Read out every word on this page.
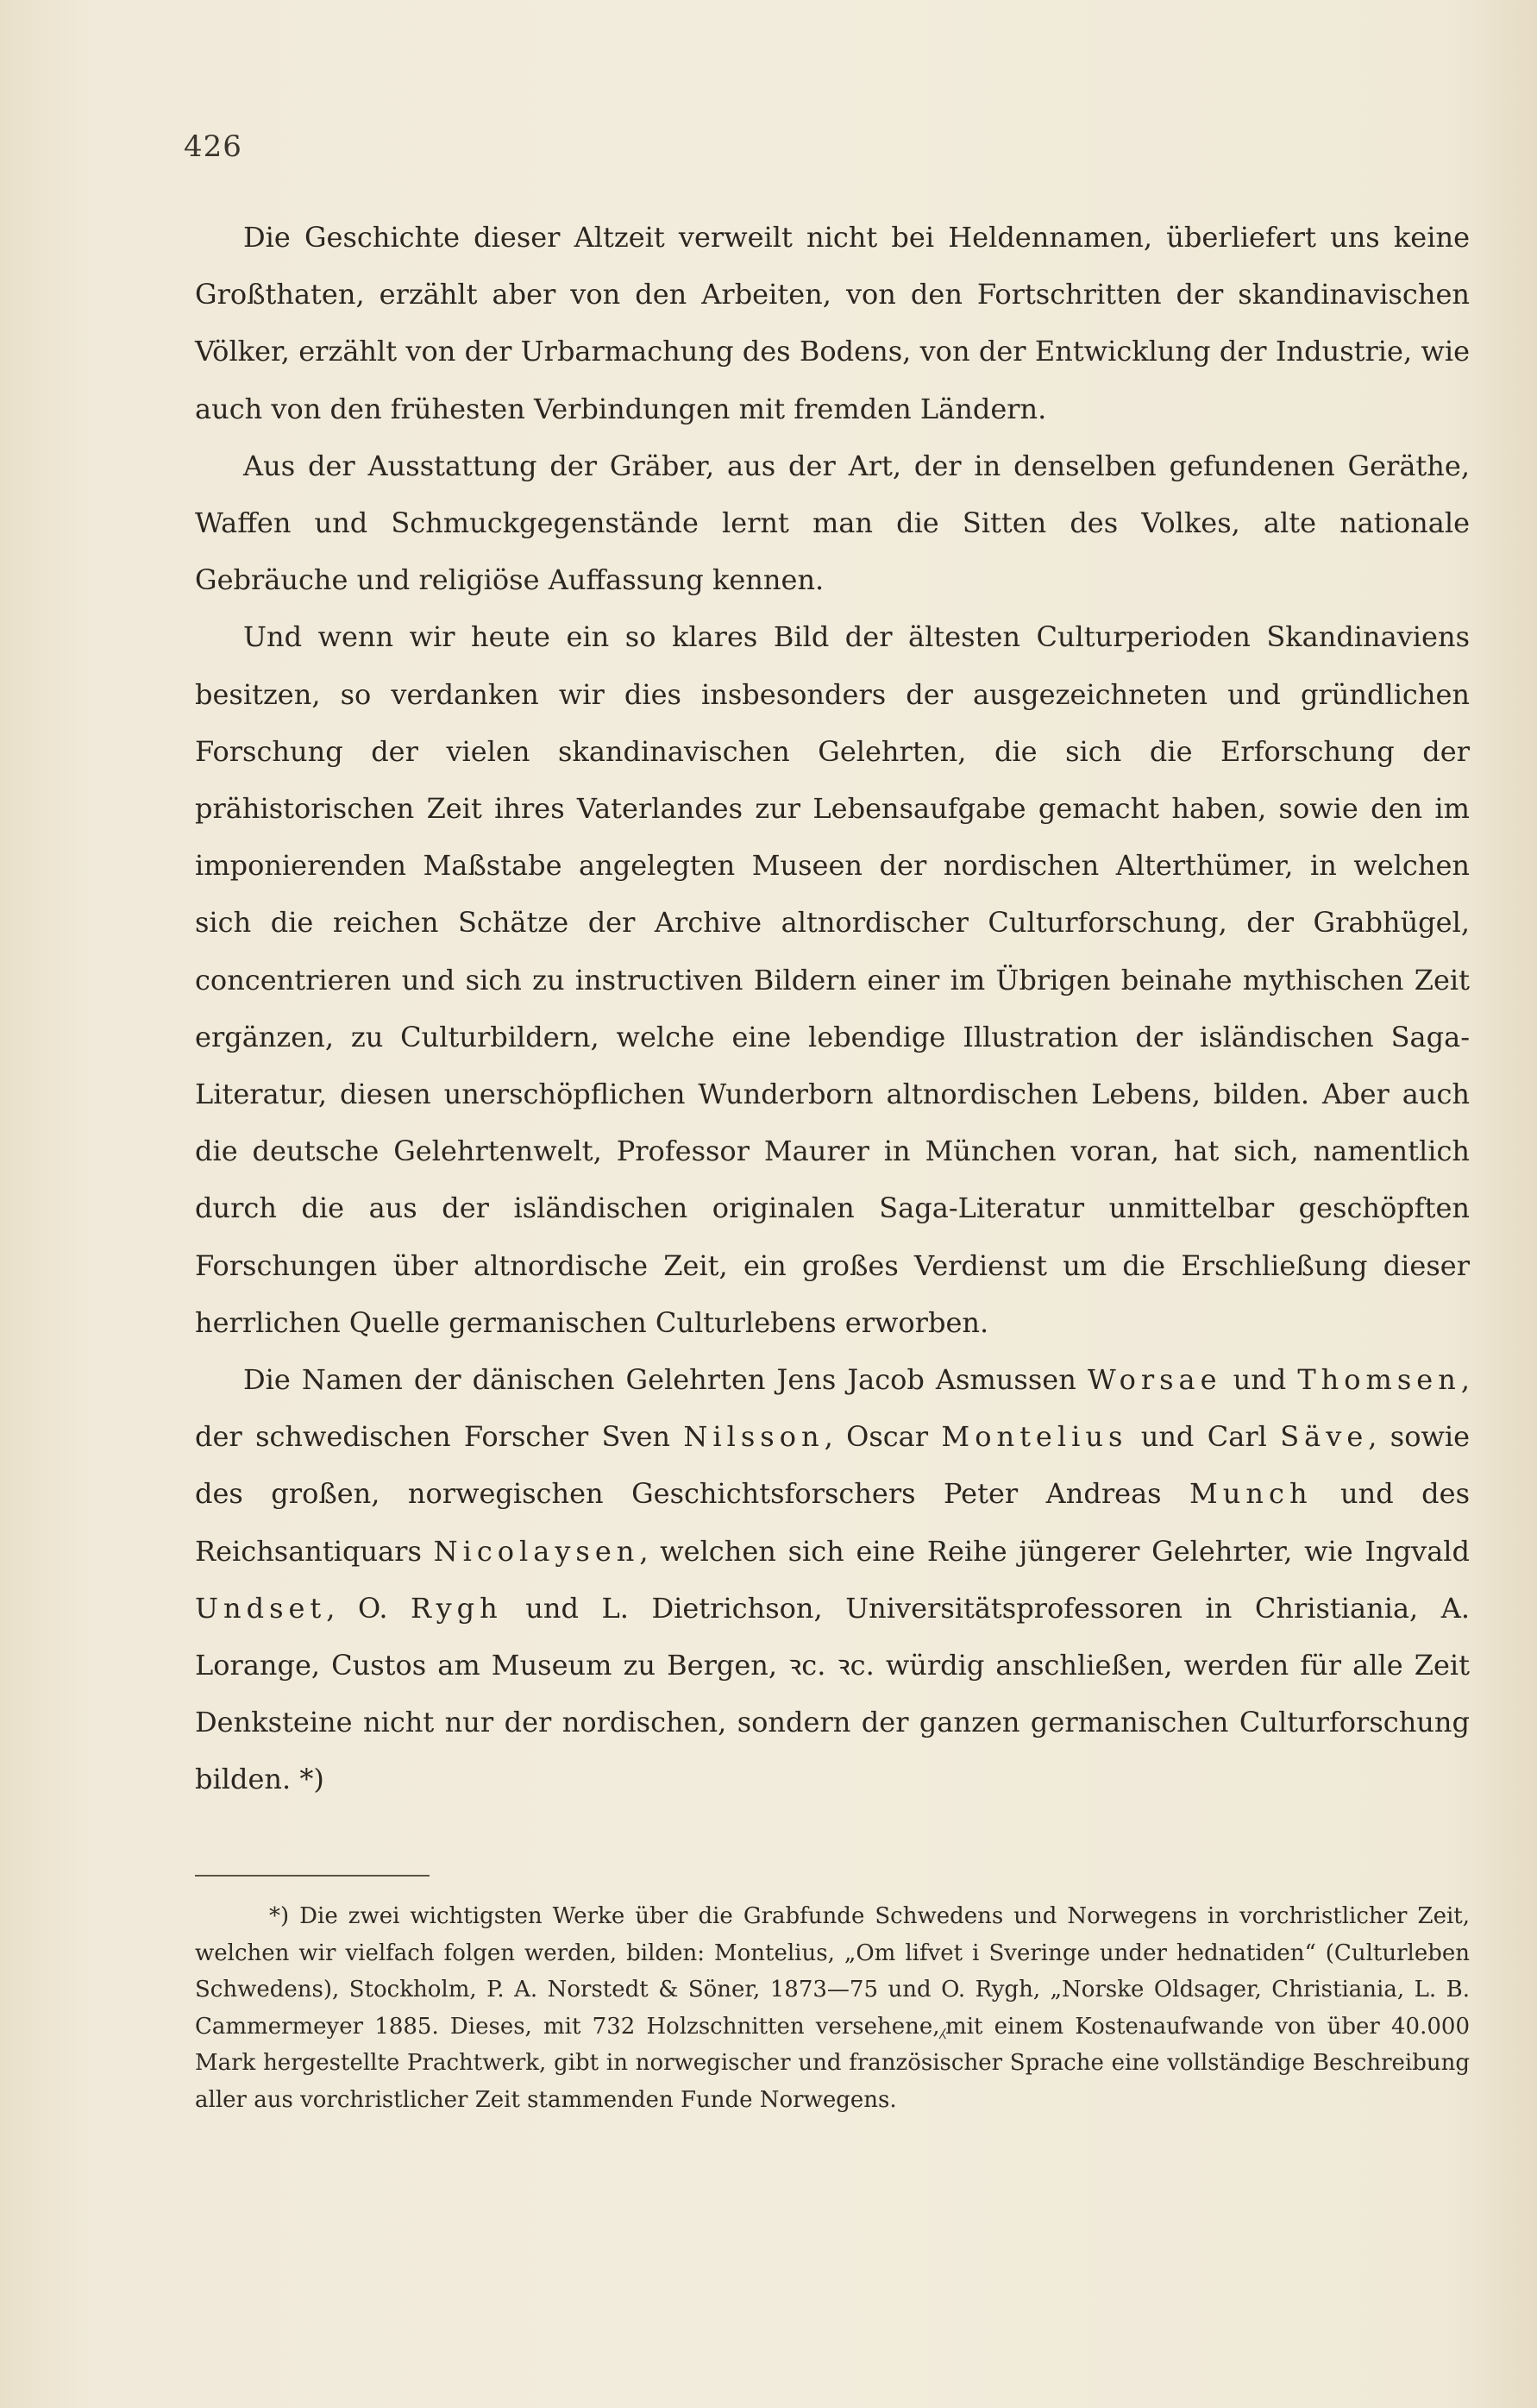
426

Die Geschichte dieser Altzeit verweilt nicht bei Heldennamen, überliefert uns keine Großthaten, erzählt aber von den Arbeiten, von den Fortschritten der skandinavischen Völker, erzählt von der Urbarmachung des Bodens, von der Entwicklung der Industrie, wie auch von den frühesten Verbindungen mit fremden Ländern.

Aus der Ausstattung der Gräber, aus der Art, der in denselben gefundenen Geräthe, Waffen und Schmuckgegenstände lernt man die Sitten des Volkes, alte nationale Gebräuche und religiöse Auffassung kennen.

Und wenn wir heute ein so klares Bild der ältesten Culturperioden Skandinaviens besitzen, so verdanken wir dies insbesonders der ausgezeichneten und gründlichen Forschung der vielen skandinavischen Gelehrten, die sich die Erforschung der prähistorischen Zeit ihres Vaterlandes zur Lebensaufgabe gemacht haben, sowie den im imponierenden Maßstabe angelegten Museen der nordischen Alterthümer, in welchen sich die reichen Schätze der Archive altnordischer Culturforschung, der Grabhügel, concentrieren und sich zu instructiven Bildern einer im Übrigen beinahe mythischen Zeit ergänzen, zu Culturbildern, welche eine lebendige Illustration der isländischen Saga-Literatur, diesen unerschöpflichen Wunderborn altnordischen Lebens, bilden. Aber auch die deutsche Gelehrtenwelt, Professor Maurer in München voran, hat sich, namentlich durch die aus der isländischen originalen Saga-Literatur unmittelbar geschöpften Forschungen über altnordische Zeit, ein großes Verdienst um die Erschließung dieser herrlichen Quelle germanischen Culturlebens erworben.

Die Namen der dänischen Gelehrten Jens Jacob Asmussen Worsae und Thomsen, der schwedischen Forscher Sven Nilsson, Oscar Montelius und Carl Säve, sowie des großen, norwegischen Geschichtsforschers Peter Andreas Munch und des Reichsantiquars Nicolaysen, welchen sich eine Reihe jüngerer Gelehrter, wie Ingvald Undset, O. Rygh und L. Dietrichson, Universitätsprofessoren in Christiania, A. Lorange, Custos am Museum zu Bergen, ꝛc. ꝛc. würdig anschließen, werden für alle Zeit Denksteine nicht nur der nordischen, sondern der ganzen germanischen Culturforschung bilden. *)

*) Die zwei wichtigsten Werke über die Grabfunde Schwedens und Norwegens in vorchristlicher Zeit, welchen wir vielfach folgen werden, bilden: Montelius, „Om lifvet i Sveringe under hednatiden“ (Culturleben Schwedens), Stockholm, P. A. Norstedt & Söner, 1873—75 und O. Rygh, „Norske Oldsager, Christiania, L. B. Cammermeyer 1885. Dieses, mit 732 Holzschnitten versehene,⁁mit einem Kostenaufwande von über 40.000 Mark hergestellte Prachtwerk, gibt in norwegischer und französischer Sprache eine vollständige Beschreibung aller aus vorchristlicher Zeit stammenden Funde Norwegens.
